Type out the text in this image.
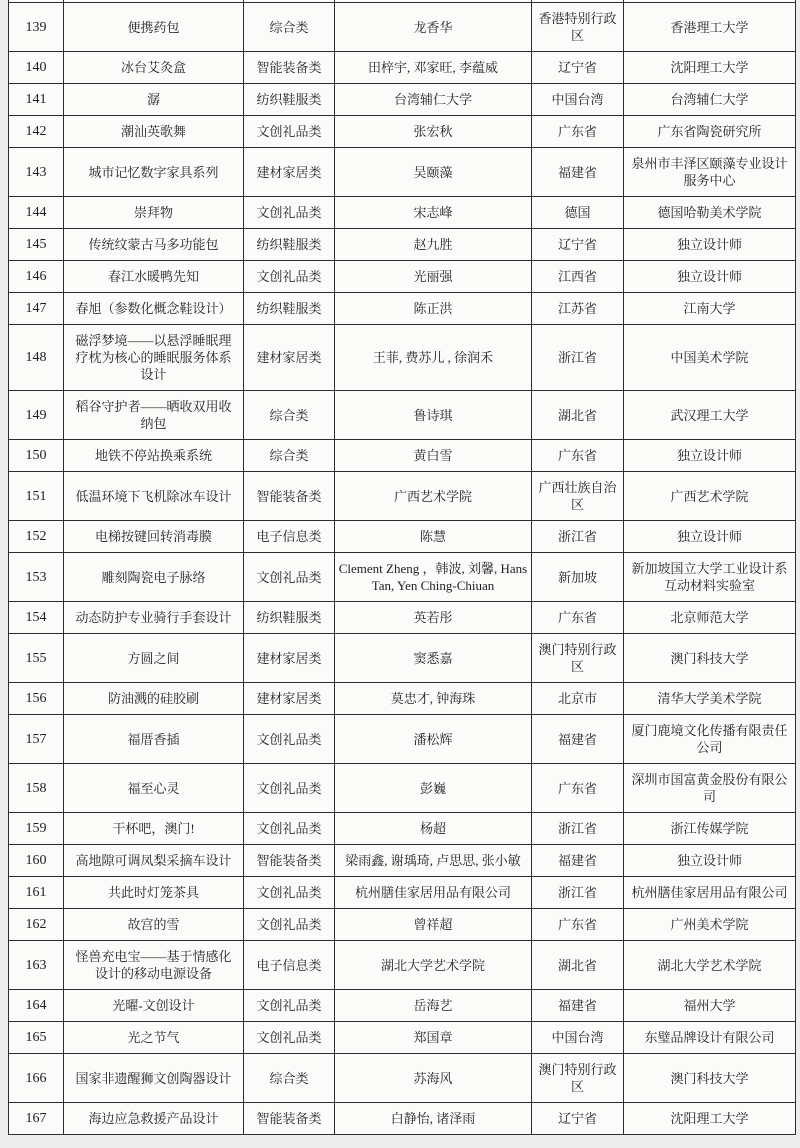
139	便携药包	综合类	龙香华	香港特别行政区	香港理工大学
140	冰台艾灸盒	智能装备类	田梓宇, 邓家旺, 李蕴威	辽宁省	沈阳理工大学
141	潺	纺织鞋服类	台湾辅仁大学	中国台湾	台湾辅仁大学
142	潮汕英歌舞	文创礼品类	张宏秋	广东省	广东省陶瓷研究所
143	城市记忆数字家具系列	建材家居类	吴颐藻	福建省	泉州市丰泽区颐藻专业设计服务中心
144	崇拜物	文创礼品类	宋志峰	德国	德国哈勒美术学院
145	传统纹蒙古马多功能包	纺织鞋服类	赵九胜	辽宁省	独立设计师
146	春江水暖鸭先知	文创礼品类	光丽强	江西省	独立设计师
147	春旭（参数化概念鞋设计）	纺织鞋服类	陈正洪	江苏省	江南大学
148	磁浮梦境——以悬浮睡眠理疗枕为核心的睡眠服务体系设计	建材家居类	王菲, 费苏儿 , 徐润禾	浙江省	中国美术学院
149	稻谷守护者——晒收双用收纳包	综合类	鲁诗琪	湖北省	武汉理工大学
150	地铁不停站换乘系统	综合类	黄白雪	广东省	独立设计师
151	低温环境下飞机除冰车设计	智能装备类	广西艺术学院	广西壮族自治区	广西艺术学院
152	电梯按键回转消毒膜	电子信息类	陈慧	浙江省	独立设计师
153	雕刻陶瓷电子脉络	文创礼品类	Clement Zheng ，韩波, 刘馨, Hans Tan, Yen Ching-Chiuan	新加坡	新加坡国立大学工业设计系互动材料实验室
154	动态防护专业骑行手套设计	纺织鞋服类	英若彤	广东省	北京师范大学
155	方圆之间	建材家居类	窦悉嘉	澳门特别行政区	澳门科技大学
156	防油溅的硅胶刷	建材家居类	莫忠才, 钟海珠	北京市	清华大学美术学院
157	福厝香插	文创礼品类	潘松辉	福建省	厦门鹿境文化传播有限责任公司
158	福至心灵	文创礼品类	彭巍	广东省	深圳市国富黄金股份有限公司
159	干杯吧，澳门!	文创礼品类	杨超	浙江省	浙江传媒学院
160	高地隙可调凤梨采摘车设计	智能装备类	梁雨鑫, 谢瑀琦, 卢思思, 张小敏	福建省	独立设计师
161	共此时灯笼茶具	文创礼品类	杭州膳佳家居用品有限公司	浙江省	杭州膳佳家居用品有限公司
162	故宫的雪	文创礼品类	曾祥超	广东省	广州美术学院
163	怪兽充电宝——基于情感化设计的移动电源设备	电子信息类	湖北大学艺术学院	湖北省	湖北大学艺术学院
164	光曜-文创设计	文创礼品类	岳海艺	福建省	福州大学
165	光之节气	文创礼品类	郑国章	中国台湾	东璧品牌设计有限公司
166	国家非遗醒狮文创陶器设计	综合类	苏海风	澳门特别行政区	澳门科技大学
167	海边应急救援产品设计	智能装备类	白静怡, 诸泽雨	辽宁省	沈阳理工大学
